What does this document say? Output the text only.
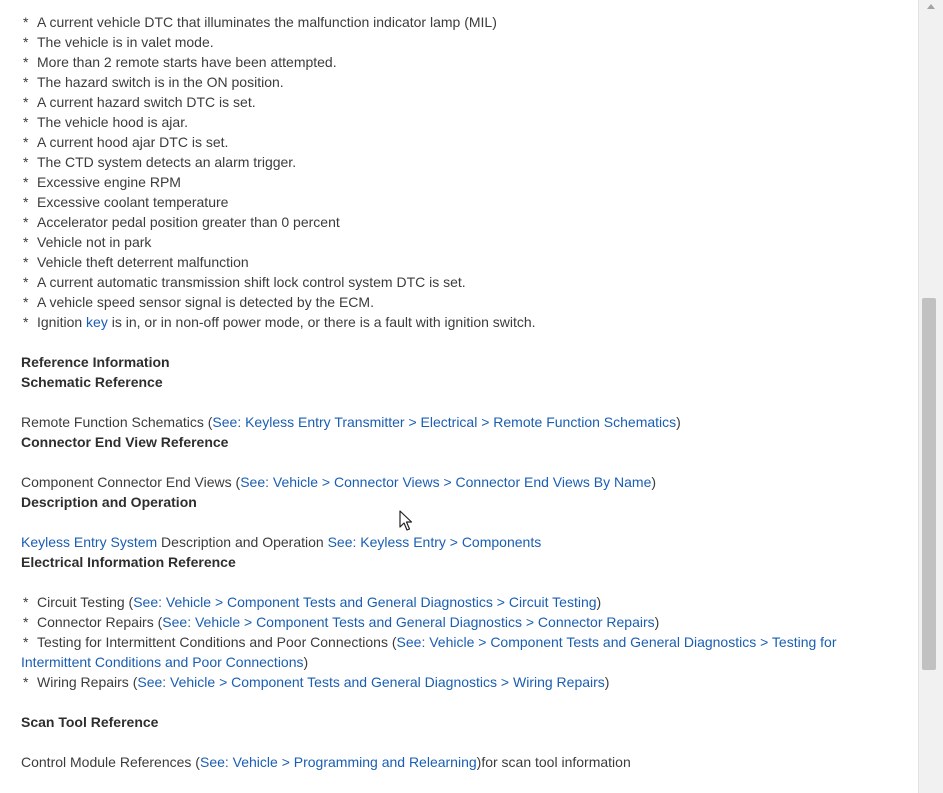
* A current vehicle DTC that illuminates the malfunction indicator lamp (MIL)
* The vehicle is in valet mode.
* More than 2 remote starts have been attempted.
* The hazard switch is in the ON position.
* A current hazard switch DTC is set.
* The vehicle hood is ajar.
* A current hood ajar DTC is set.
* The CTD system detects an alarm trigger.
* Excessive engine RPM
* Excessive coolant temperature
* Accelerator pedal position greater than 0 percent
* Vehicle not in park
* Vehicle theft deterrent malfunction
* A current automatic transmission shift lock control system DTC is set.
* A vehicle speed sensor signal is detected by the ECM.
* Ignition key is in, or in non-off power mode, or there is a fault with ignition switch.
Reference Information
Schematic Reference
Remote Function Schematics (See: Keyless Entry Transmitter > Electrical > Remote Function Schematics)
Connector End View Reference
Component Connector End Views (See: Vehicle > Connector Views > Connector End Views By Name)
Description and Operation
Keyless Entry System Description and Operation See: Keyless Entry > Components
Electrical Information Reference
* Circuit Testing (See: Vehicle > Component Tests and General Diagnostics > Circuit Testing)
* Connector Repairs (See: Vehicle > Component Tests and General Diagnostics > Connector Repairs)
* Testing for Intermittent Conditions and Poor Connections (See: Vehicle > Component Tests and General Diagnostics > Testing for
Intermittent Conditions and Poor Connections)
* Wiring Repairs (See: Vehicle > Component Tests and General Diagnostics > Wiring Repairs)
Scan Tool Reference
Control Module References (See: Vehicle > Programming and Relearning)for scan tool information
